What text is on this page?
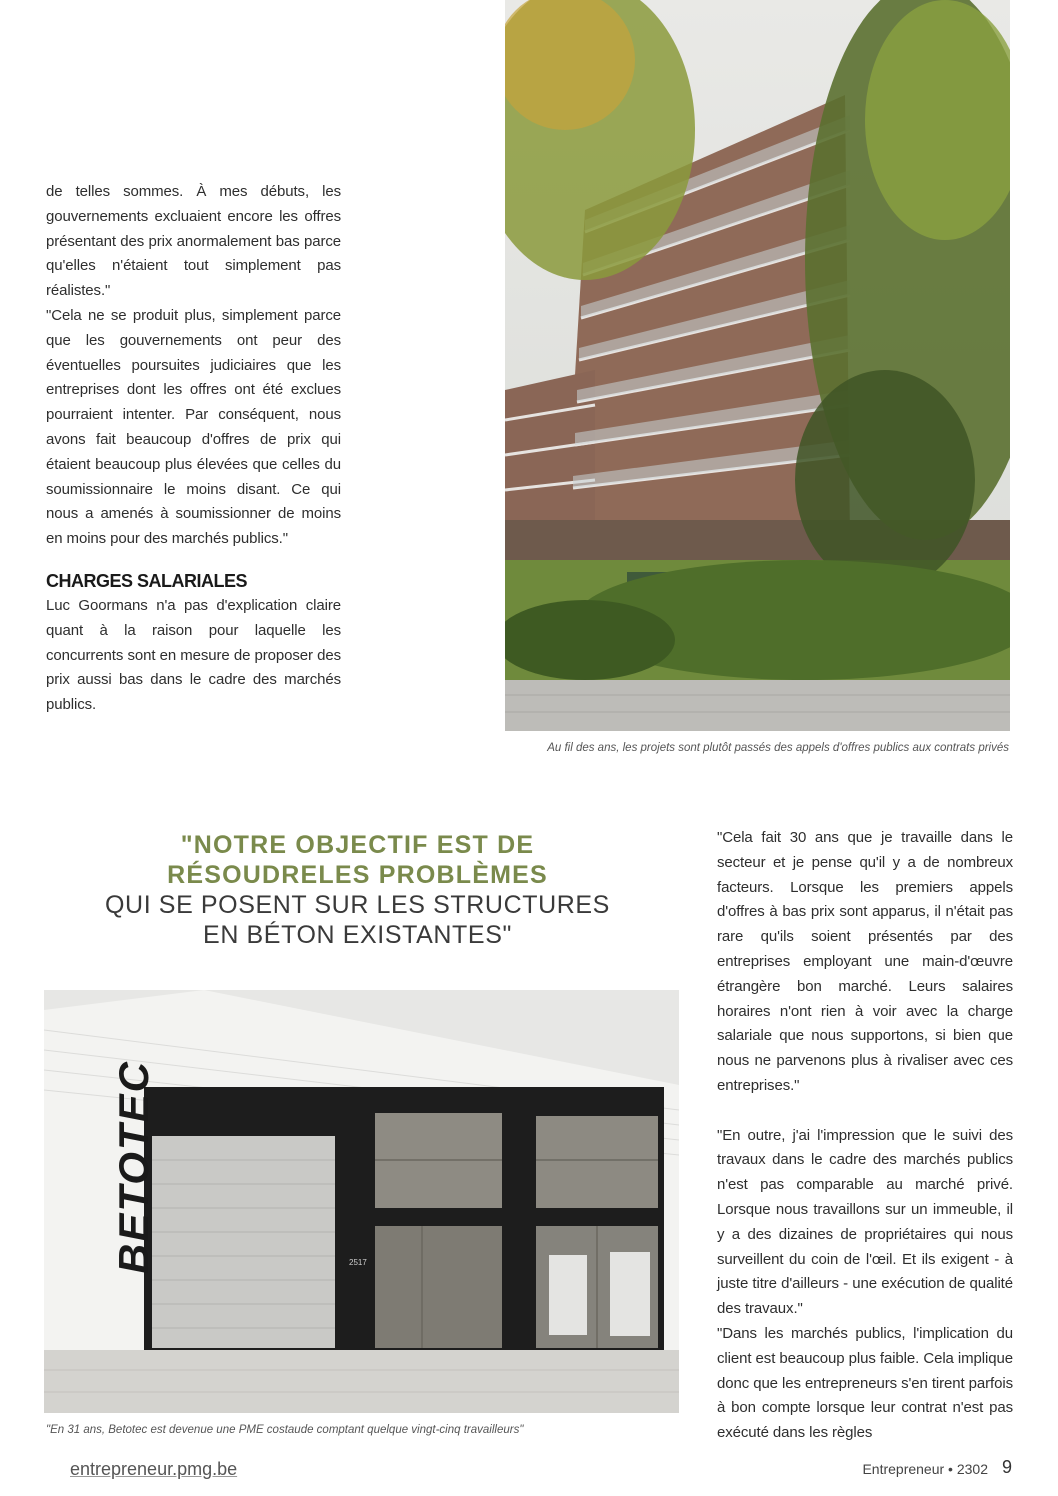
de telles sommes. À mes débuts, les gouvernements excluaient encore les offres présentant des prix anormalement bas parce qu'elles n'étaient tout simplement pas réalistes."

"Cela ne se produit plus, simplement parce que les gouvernements ont peur des éventuelles poursuites judiciaires que les entreprises dont les offres ont été exclues pourraient intenter. Par conséquent, nous avons fait beaucoup d'offres de prix qui étaient beaucoup plus élevées que celles du soumissionnaire le moins disant. Ce qui nous a amenés à soumissionner de moins en moins pour des marchés publics."

CHARGES SALARIALES

Luc Goormans n'a pas d'explication claire quant à la raison pour laquelle les concurrents sont en mesure de proposer des prix aussi bas dans le cadre des marchés publics.

Au fil des ans, les projets sont plutôt passés des appels d'offres publics aux contrats privés
"NOTRE OBJECTIF EST DE
RÉSOUDRELES PROBLÈMES
QUI SE POSENT SUR LES STRUCTURES
EN BÉTON EXISTANTES"
BETOTEC	2517
"En 31 ans, Betotec est devenue une PME costaude comptant quelque vingt-cinq travailleurs"

"Cela fait 30 ans que je travaille dans le secteur et je pense qu'il y a de nombreux facteurs. Lorsque les premiers appels d'offres à bas prix sont apparus, il n'était pas rare qu'ils soient présentés par des entreprises employant une main-d'œuvre étrangère bon marché. Leurs salaires horaires n'ont rien à voir avec la charge salariale que nous supportons, si bien que nous ne parvenons plus à rivaliser avec ces entreprises."

"En outre, j'ai l'impression que le suivi des travaux dans le cadre des marchés publics n'est pas comparable au marché privé. Lorsque nous travaillons sur un immeuble, il y a des dizaines de propriétaires qui nous surveillent du coin de l'œil. Et ils exigent - à juste titre d'ailleurs - une exécution de qualité des travaux."

"Dans les marchés publics, l'implication du client est beaucoup plus faible. Cela implique donc que les entrepreneurs s'en tirent parfois à bon compte lorsque leur contrat n'est pas exécuté dans les règles

entrepreneur.pmg.be	Entrepreneur • 2302 9
